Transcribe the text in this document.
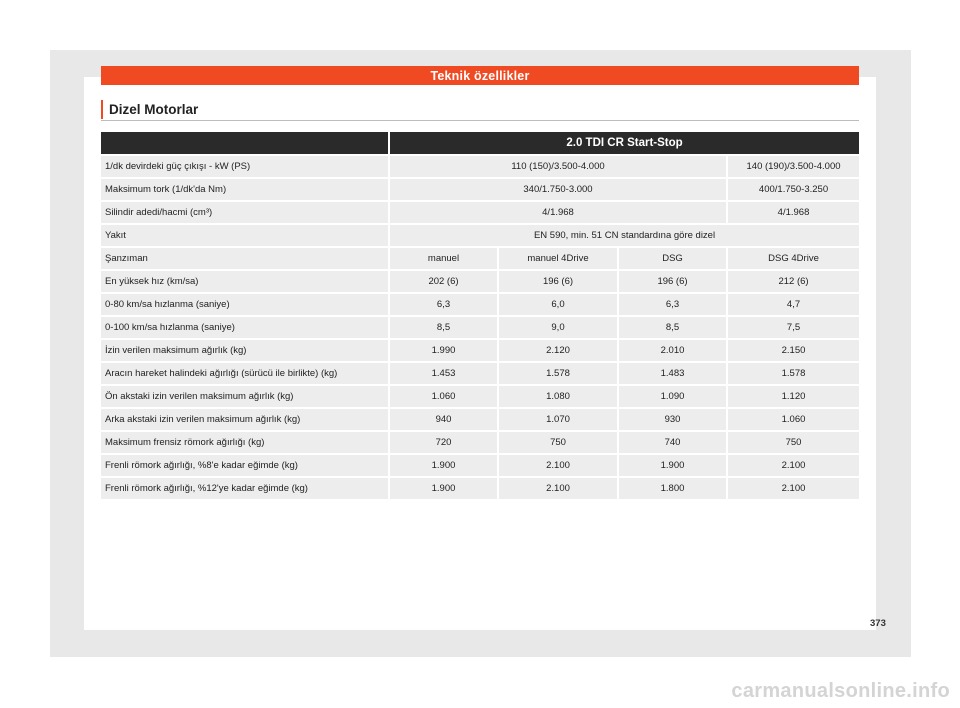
Teknik özellikler
Dizel Motorlar
	2.0 TDI CR Start-Stop			
1/dk devirdeki güç çıkışı - kW (PS)	110 (150)/3.500-4.000			140 (190)/3.500-4.000
Maksimum tork (1/dk'da Nm)	340/1.750-3.000			400/1.750-3.250
Silindir adedi/hacmi (cm³)	4/1.968			4/1.968
Yakıt	EN 590, min. 51 CN standardına göre dizel			
Şanzıman	manuel	manuel 4Drive	DSG	DSG 4Drive
En yüksek hız (km/sa)	202 (6)	196 (6)	196 (6)	212 (6)
0-80 km/sa hızlanma (saniye)	6,3	6,0	6,3	4,7
0-100 km/sa hızlanma (saniye)	8,5	9,0	8,5	7,5
İzin verilen maksimum ağırlık (kg)	1.990	2.120	2.010	2.150
Aracın hareket halindeki ağırlığı (sürücü ile birlikte) (kg)	1.453	1.578	1.483	1.578
Ön akstaki izin verilen maksimum ağırlık (kg)	1.060	1.080	1.090	1.120
Arka akstaki izin verilen maksimum ağırlık (kg)	940	1.070	930	1.060
Maksimum frensiz römork ağırlığı (kg)	720	750	740	750
Frenli römork ağırlığı, %8'e kadar eğimde (kg)	1.900	2.100	1.900	2.100
Frenli römork ağırlığı, %12'ye kadar eğimde (kg)	1.900	2.100	1.800	2.100
373
carmanualsonline.info
